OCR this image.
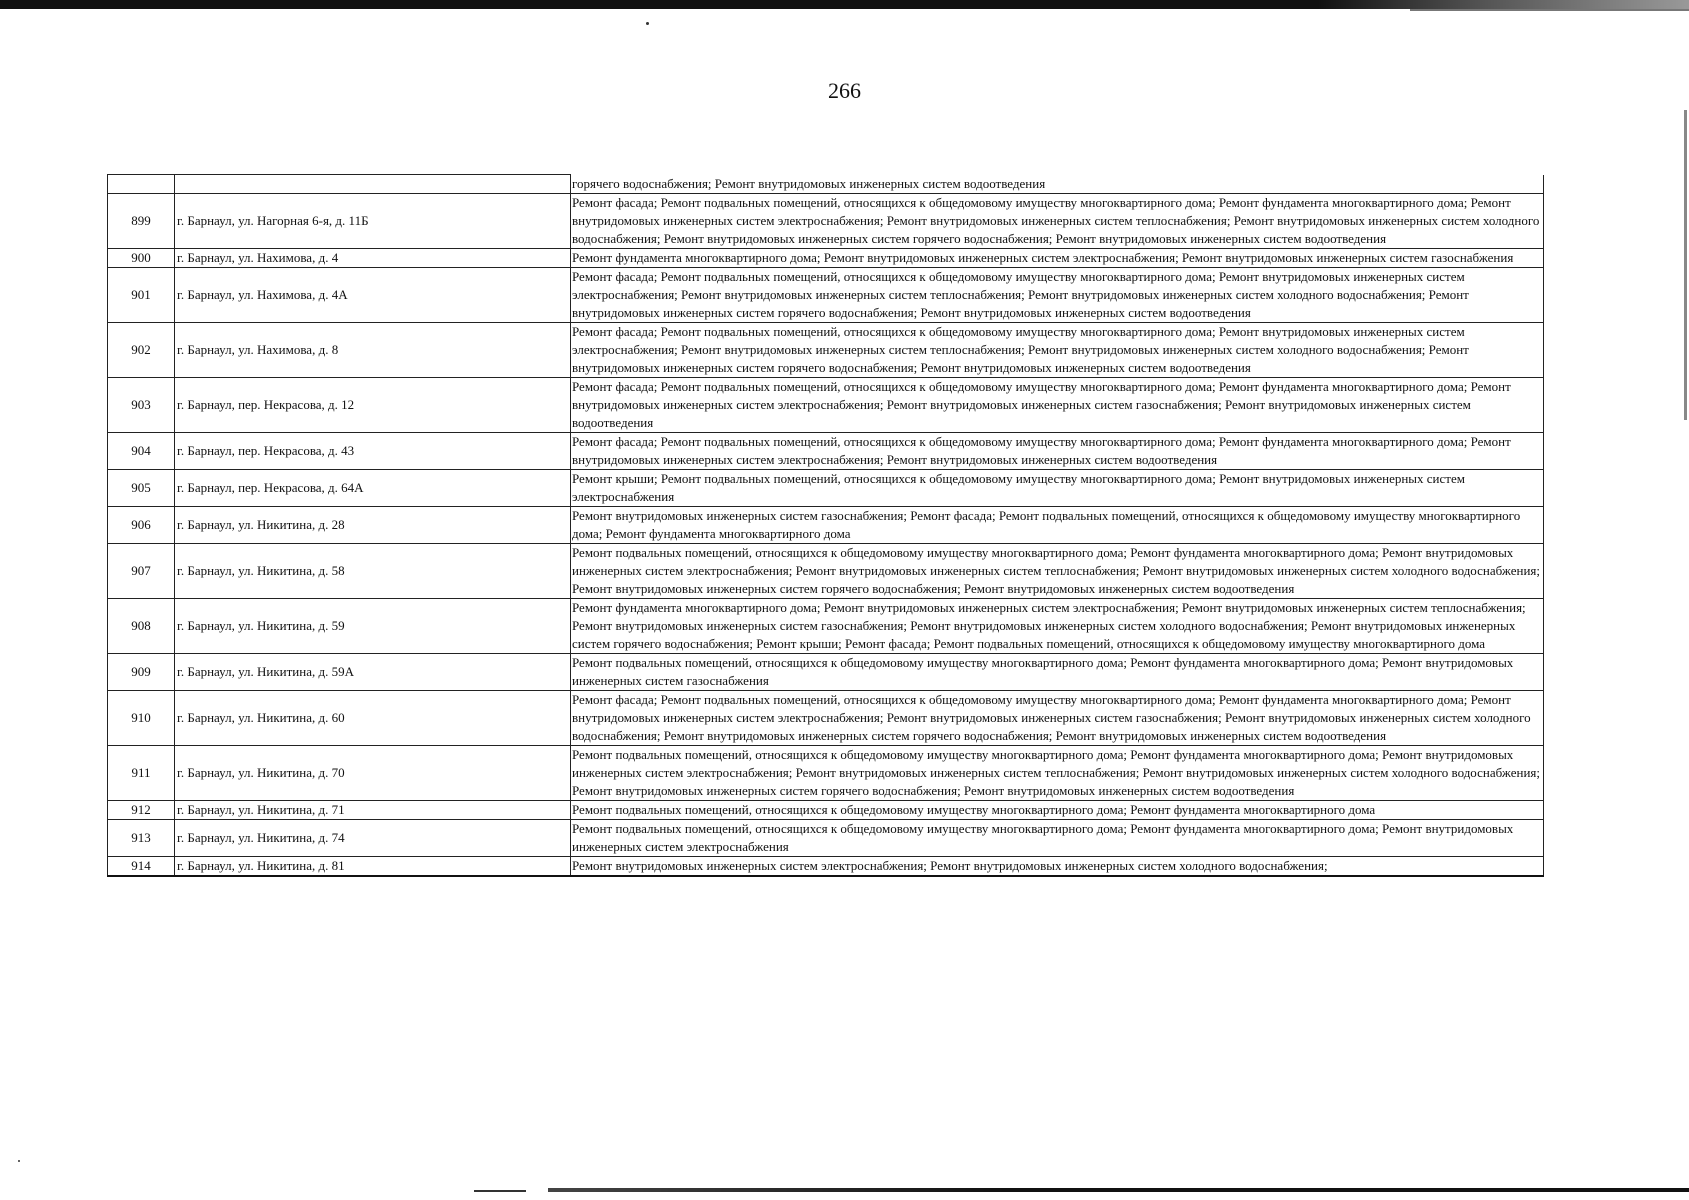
266
		горячего водоснабжения; Ремонт внутридомовых инженерных систем водоотведения
899	г. Барнаул, ул. Нагорная 6-я, д. 11Б	Ремонт фасада; Ремонт подвальных помещений, относящихся к общедомовому имуществу многоквартирного дома; Ремонт фундамента многоквартирного дома; Ремонт внутридомовых инженерных систем электроснабжения; Ремонт внутридомовых инженерных систем теплоснабжения; Ремонт внутридомовых инженерных систем холодного водоснабжения; Ремонт внутридомовых инженерных систем горячего водоснабжения; Ремонт внутридомовых инженерных систем водоотведения
900	г. Барнаул, ул. Нахимова, д. 4	Ремонт фундамента многоквартирного дома; Ремонт внутридомовых инженерных систем электроснабжения; Ремонт внутридомовых инженерных систем газоснабжения
901	г. Барнаул, ул. Нахимова, д. 4А	Ремонт фасада; Ремонт подвальных помещений, относящихся к общедомовому имуществу многоквартирного дома; Ремонт внутридомовых инженерных систем электроснабжения; Ремонт внутридомовых инженерных систем теплоснабжения; Ремонт внутридомовых инженерных систем холодного водоснабжения; Ремонт внутридомовых инженерных систем горячего водоснабжения; Ремонт внутридомовых инженерных систем водоотведения
902	г. Барнаул, ул. Нахимова, д. 8	Ремонт фасада; Ремонт подвальных помещений, относящихся к общедомовому имуществу многоквартирного дома; Ремонт внутридомовых инженерных систем электроснабжения; Ремонт внутридомовых инженерных систем теплоснабжения; Ремонт внутридомовых инженерных систем холодного водоснабжения; Ремонт внутридомовых инженерных систем горячего водоснабжения; Ремонт внутридомовых инженерных систем водоотведения
903	г. Барнаул, пер. Некрасова, д. 12	Ремонт фасада; Ремонт подвальных помещений, относящихся к общедомовому имуществу многоквартирного дома; Ремонт фундамента многоквартирного дома; Ремонт внутридомовых инженерных систем электроснабжения; Ремонт внутридомовых инженерных систем газоснабжения; Ремонт внутридомовых инженерных систем водоотведения
904	г. Барнаул, пер. Некрасова, д. 43	Ремонт фасада; Ремонт подвальных помещений, относящихся к общедомовому имуществу многоквартирного дома; Ремонт фундамента многоквартирного дома; Ремонт внутридомовых инженерных систем электроснабжения; Ремонт внутридомовых инженерных систем водоотведения
905	г. Барнаул, пер. Некрасова, д. 64А	Ремонт крыши; Ремонт подвальных помещений, относящихся к общедомовому имуществу многоквартирного дома; Ремонт внутридомовых инженерных систем электроснабжения
906	г. Барнаул, ул. Никитина, д. 28	Ремонт внутридомовых инженерных систем газоснабжения; Ремонт фасада; Ремонт подвальных помещений, относящихся к общедомовому имуществу многоквартирного дома; Ремонт фундамента многоквартирного дома
907	г. Барнаул, ул. Никитина, д. 58	Ремонт подвальных помещений, относящихся к общедомовому имуществу многоквартирного дома; Ремонт фундамента многоквартирного дома; Ремонт внутридомовых инженерных систем электроснабжения; Ремонт внутридомовых инженерных систем теплоснабжения; Ремонт внутридомовых инженерных систем холодного водоснабжения; Ремонт внутридомовых инженерных систем горячего водоснабжения; Ремонт внутридомовых инженерных систем водоотведения
908	г. Барнаул, ул. Никитина, д. 59	Ремонт фундамента многоквартирного дома; Ремонт внутридомовых инженерных систем электроснабжения; Ремонт внутридомовых инженерных систем теплоснабжения; Ремонт внутридомовых инженерных систем газоснабжения; Ремонт внутридомовых инженерных систем холодного водоснабжения; Ремонт внутридомовых инженерных систем горячего водоснабжения; Ремонт крыши; Ремонт фасада; Ремонт подвальных помещений, относящихся к общедомовому имуществу многоквартирного дома
909	г. Барнаул, ул. Никитина, д. 59А	Ремонт подвальных помещений, относящихся к общедомовому имуществу многоквартирного дома; Ремонт фундамента многоквартирного дома; Ремонт внутридомовых инженерных систем газоснабжения
910	г. Барнаул, ул. Никитина, д. 60	Ремонт фасада; Ремонт подвальных помещений, относящихся к общедомовому имуществу многоквартирного дома; Ремонт фундамента многоквартирного дома; Ремонт внутридомовых инженерных систем электроснабжения; Ремонт внутридомовых инженерных систем газоснабжения; Ремонт внутридомовых инженерных систем холодного водоснабжения; Ремонт внутридомовых инженерных систем горячего водоснабжения; Ремонт внутридомовых инженерных систем водоотведения
911	г. Барнаул, ул. Никитина, д. 70	Ремонт подвальных помещений, относящихся к общедомовому имуществу многоквартирного дома; Ремонт фундамента многоквартирного дома; Ремонт внутридомовых инженерных систем электроснабжения; Ремонт внутридомовых инженерных систем теплоснабжения; Ремонт внутридомовых инженерных систем холодного водоснабжения; Ремонт внутридомовых инженерных систем горячего водоснабжения; Ремонт внутридомовых инженерных систем водоотведения
912	г. Барнаул, ул. Никитина, д. 71	Ремонт подвальных помещений, относящихся к общедомовому имуществу многоквартирного дома; Ремонт фундамента многоквартирного дома
913	г. Барнаул, ул. Никитина, д. 74	Ремонт подвальных помещений, относящихся к общедомовому имуществу многоквартирного дома; Ремонт фундамента многоквартирного дома; Ремонт внутридомовых инженерных систем электроснабжения
914	г. Барнаул, ул. Никитина, д. 81	Ремонт внутридомовых инженерных систем электроснабжения; Ремонт внутридомовых инженерных систем холодного водоснабжения;
